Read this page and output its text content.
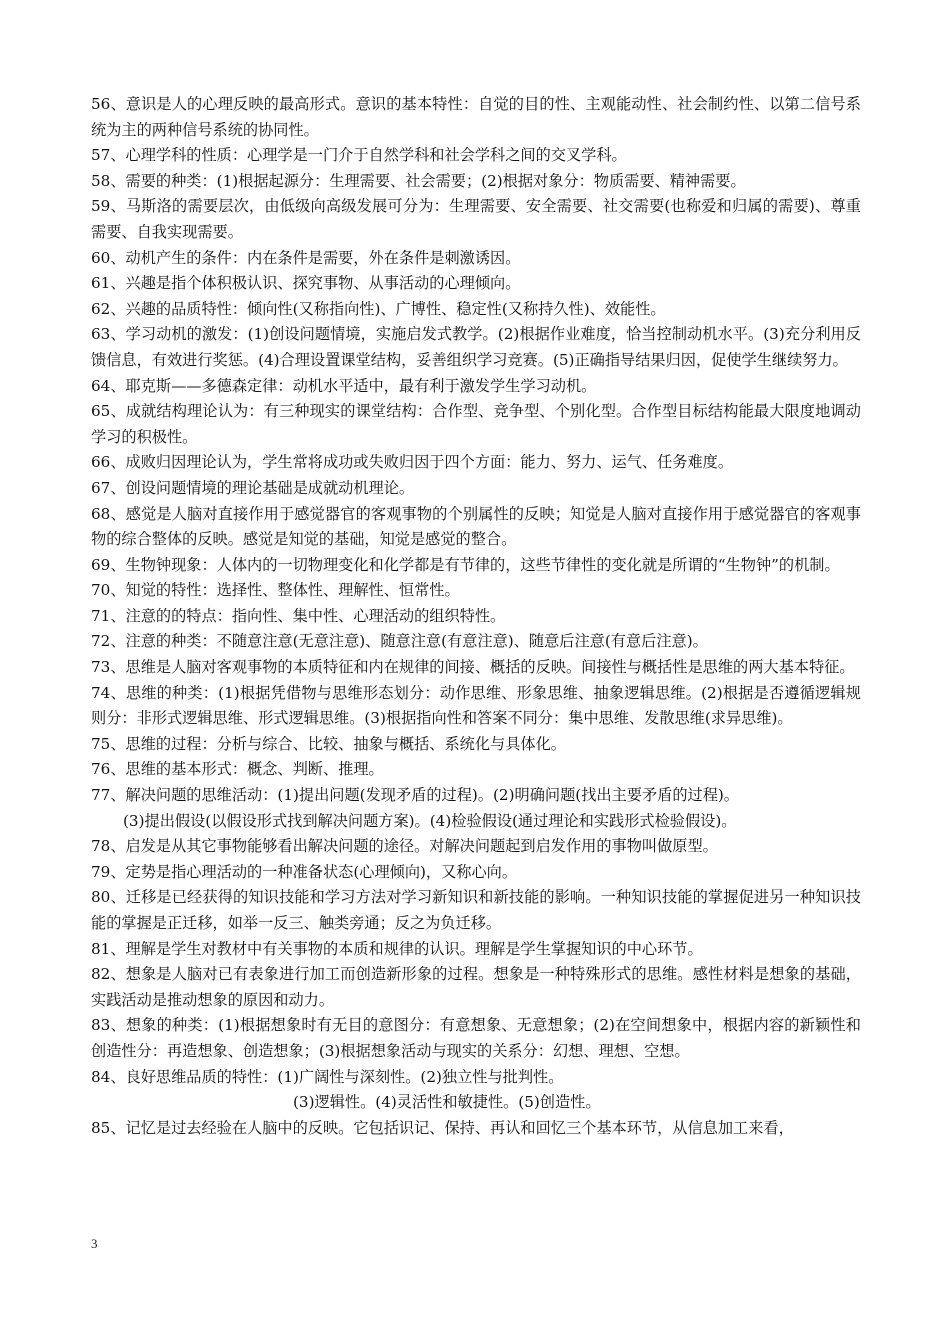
56、意识是人的心理反映的最高形式。意识的基本特性：自觉的目的性、主观能动性、社会制约性、以第二信号系统为主的两种信号系统的协同性。

57、心理学科的性质：心理学是一门介于自然学科和社会学科之间的交叉学科。

58、需要的种类：(1)根据起源分：生理需要、社会需要；(2)根据对象分：物质需要、精神需要。

59、马斯洛的需要层次，由低级向高级发展可分为：生理需要、安全需要、社交需要(也称爱和归属的需要)、尊重需要、自我实现需要。

60、动机产生的条件：内在条件是需要，外在条件是刺激诱因。

61、兴趣是指个体积极认识、探究事物、从事活动的心理倾向。

62、兴趣的品质特性：倾向性(又称指向性)、广博性、稳定性(又称持久性)、效能性。

63、学习动机的激发：(1)创设问题情境，实施启发式教学。(2)根据作业难度，恰当控制动机水平。(3)充分利用反馈信息，有效进行奖惩。(4)合理设置课堂结构，妥善组织学习竞赛。(5)正确指导结果归因，促使学生继续努力。

64、耶克斯——多德森定律：动机水平适中，最有利于激发学生学习动机。

65、成就结构理论认为：有三种现实的课堂结构：合作型、竞争型、个别化型。合作型目标结构能最大限度地调动学习的积极性。

66、成败归因理论认为，学生常将成功或失败归因于四个方面：能力、努力、运气、任务难度。

67、创设问题情境的理论基础是成就动机理论。

68、感觉是人脑对直接作用于感觉器官的客观事物的个别属性的反映；知觉是人脑对直接作用于感觉器官的客观事物的综合整体的反映。感觉是知觉的基础，知觉是感觉的整合。

69、生物钟现象：人体内的一切物理变化和化学都是有节律的，这些节律性的变化就是所谓的“生物钟”的机制。

70、知觉的特性：选择性、整体性、理解性、恒常性。

71、注意的的特点：指向性、集中性、心理活动的组织特性。

72、注意的种类：不随意注意(无意注意)、随意注意(有意注意)、随意后注意(有意后注意)。

73、思维是人脑对客观事物的本质特征和内在规律的间接、概括的反映。间接性与概括性是思维的两大基本特征。

74、思维的种类：(1)根据凭借物与思维形态划分：动作思维、形象思维、抽象逻辑思维。(2)根据是否遵循逻辑规则分：非形式逻辑思维、形式逻辑思维。(3)根据指向性和答案不同分：集中思维、发散思维(求异思维)。

75、思维的过程：分析与综合、比较、抽象与概括、系统化与具体化。

76、思维的基本形式：概念、判断、推理。

77、解决问题的思维活动：(1)提出问题(发现矛盾的过程)。(2)明确问题(找出主要矛盾的过程)。

(3)提出假设(以假设形式找到解决问题方案)。(4)检验假设(通过理论和实践形式检验假设)。

78、启发是从其它事物能够看出解决问题的途径。对解决问题起到启发作用的事物叫做原型。

79、定势是指心理活动的一种准备状态(心理倾向)，又称心向。

80、迁移是已经获得的知识技能和学习方法对学习新知识和新技能的影响。一种知识技能的掌握促进另一种知识技能的掌握是正迁移，如举一反三、触类旁通；反之为负迁移。

81、理解是学生对教材中有关事物的本质和规律的认识。理解是学生掌握知识的中心环节。

82、想象是人脑对已有表象进行加工而创造新形象的过程。想象是一种特殊形式的思维。感性材料是想象的基础，实践活动是推动想象的原因和动力。

83、想象的种类：(1)根据想象时有无目的意图分：有意想象、无意想象；(2)在空间想象中，根据内容的新颖性和创造性分：再造想象、创造想象；(3)根据想象活动与现实的关系分：幻想、理想、空想。

84、良好思维品质的特性：(1)广阔性与深刻性。(2)独立性与批判性。

(3)逻辑性。(4)灵活性和敏捷性。(5)创造性。

85、记忆是过去经验在人脑中的反映。它包括识记、保持、再认和回忆三个基本环节，从信息加工来看，

3
